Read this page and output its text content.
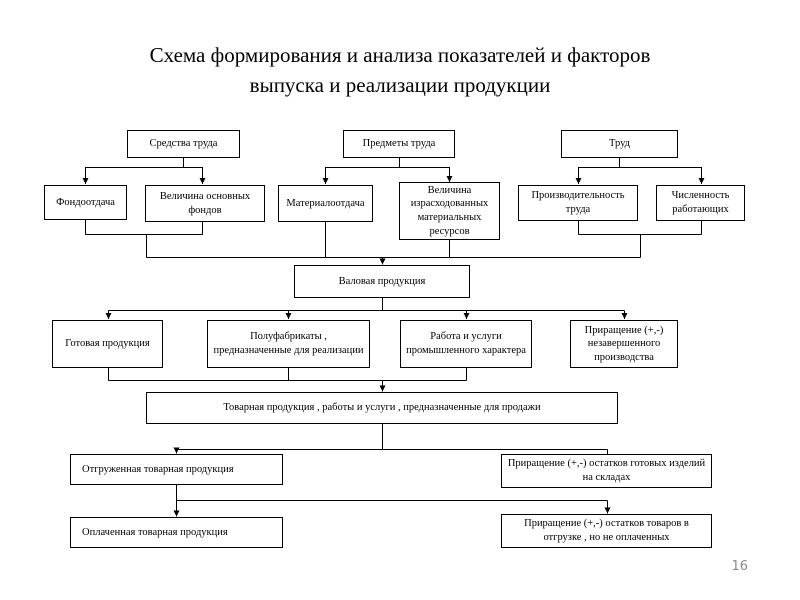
Схема формирования и анализа показателей и факторов
выпуска и реализации продукции
Средства труда	Предметы труда	Труд
Фондоотдача
Величина основных фондов
Материалоотдача
Величина израсходованных материальных ресурсов
Производительность труда
Численность работающих
Валовая продукция
Готовая продукция
Полуфабрикаты , предназначенные для реализации
Работа и услуги промышленного характера
Приращение (+,-) незавершенного производства
Товарная продукция , работы и услуги , предназначенные для продажи
Отгруженная товарная продукция	Приращение (+,-) остатков готовых изделий на складах
Оплаченная товарная продукция
Приращение (+,-) остатков товаров в отгрузке , но не оплаченных
16
